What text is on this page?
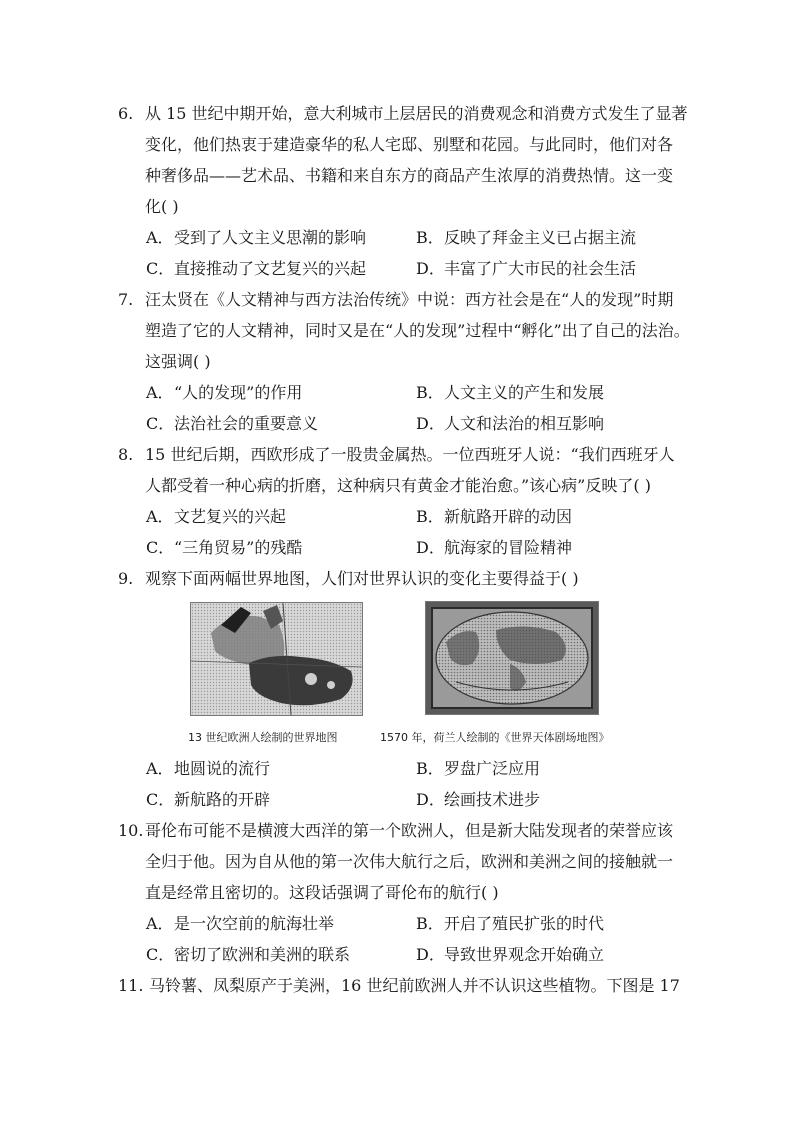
6. 从 15 世纪中期开始，意大利城市上层居民的消费观念和消费方式发生了显著
变化，他们热衷于建造豪华的私人宅邸、别墅和花园。与此同时，他们对各
种奢侈品——艺术品、书籍和来自东方的商品产生浓厚的消费热情。这一变
化( )
A．受到了人文主义思潮的影响	B．反映了拜金主义已占据主流
C．直接推动了文艺复兴的兴起	D．丰富了广大市民的社会生活
7. 汪太贤在《人文精神与西方法治传统》中说：西方社会是在“人的发现”时期
塑造了它的人文精神，同时又是在“人的发现”过程中“孵化”出了自己的法治。
这强调( )
A．“人的发现”的作用	B．人文主义的产生和发展
C．法治社会的重要意义	D．人文和法治的相互影响
8. 15 世纪后期，西欧形成了一股贵金属热。一位西班牙人说：“我们西班牙人
人都受着一种心病的折磨，这种病只有黄金才能治愈。”该心病”反映了( )
A．文艺复兴的兴起	B．新航路开辟的动因
C．“三角贸易”的残酷	D．航海家的冒险精神
9. 观察下面两幅世界地图，人们对世界认识的变化主要得益于( )
13 世纪欧洲人绘制的世界地图	1570 年，荷兰人绘制的《世界天体剧场地图》
A．地圆说的流行	B．罗盘广泛应用
C．新航路的开辟	D．绘画技术进步
10. 哥伦布可能不是横渡大西洋的第一个欧洲人，但是新大陆发现者的荣誉应该
全归于他。因为自从他的第一次伟大航行之后，欧洲和美洲之间的接触就一
直是经常且密切的。这段话强调了哥伦布的航行( )
A．是一次空前的航海壮举	B．开启了殖民扩张的时代
C．密切了欧洲和美洲的联系	D．导致世界观念开始确立
11. 马铃薯、凤梨原产于美洲，16 世纪前欧洲人并不认识这些植物。下图是 17
